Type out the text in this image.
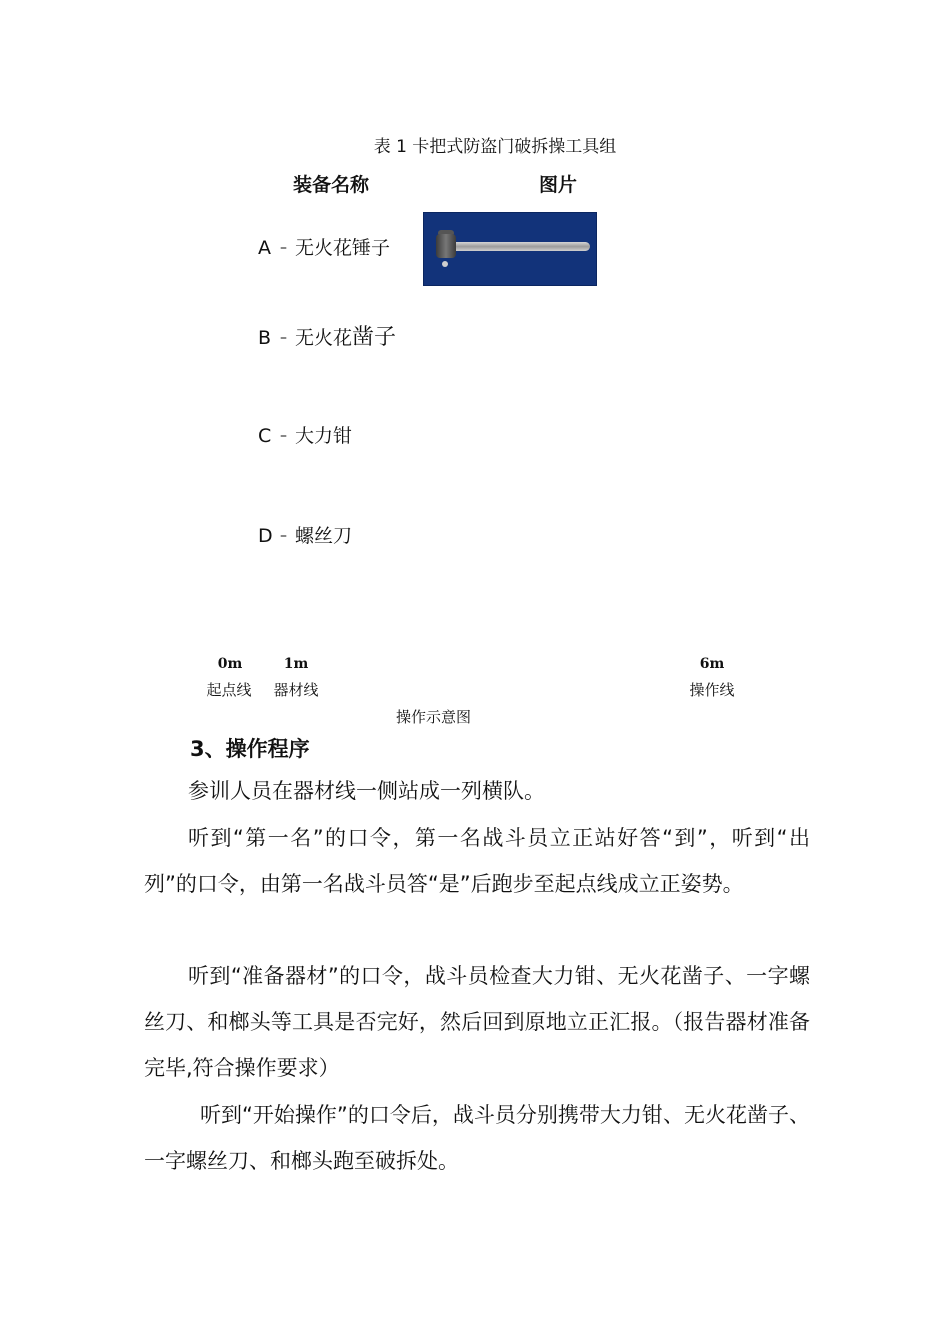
表 1 卡把式防盗门破拆操工具组
装备名称	图片
A – 无火花锤子
B – 无火花凿子
C – 大力钳
D – 螺丝刀
0m	1m	6m
起点线	器材线	操作线
操作示意图
3、操作程序
参训人员在器材线一侧站成一列横队。
听到“第一名”的口令，第一名战斗员立正站好答“到”，听到“出列”的口令，由第一名战斗员答“是”后跑步至起点线成立正姿势。
听到“准备器材”的口令，战斗员检查大力钳、无火花凿子、一字螺丝刀、和榔头等工具是否完好，然后回到原地立正汇报。（报告器材准备完毕,符合操作要求）
听到“开始操作”的口令后，战斗员分别携带大力钳、无火花凿子、一字螺丝刀、和榔头跑至破拆处。
